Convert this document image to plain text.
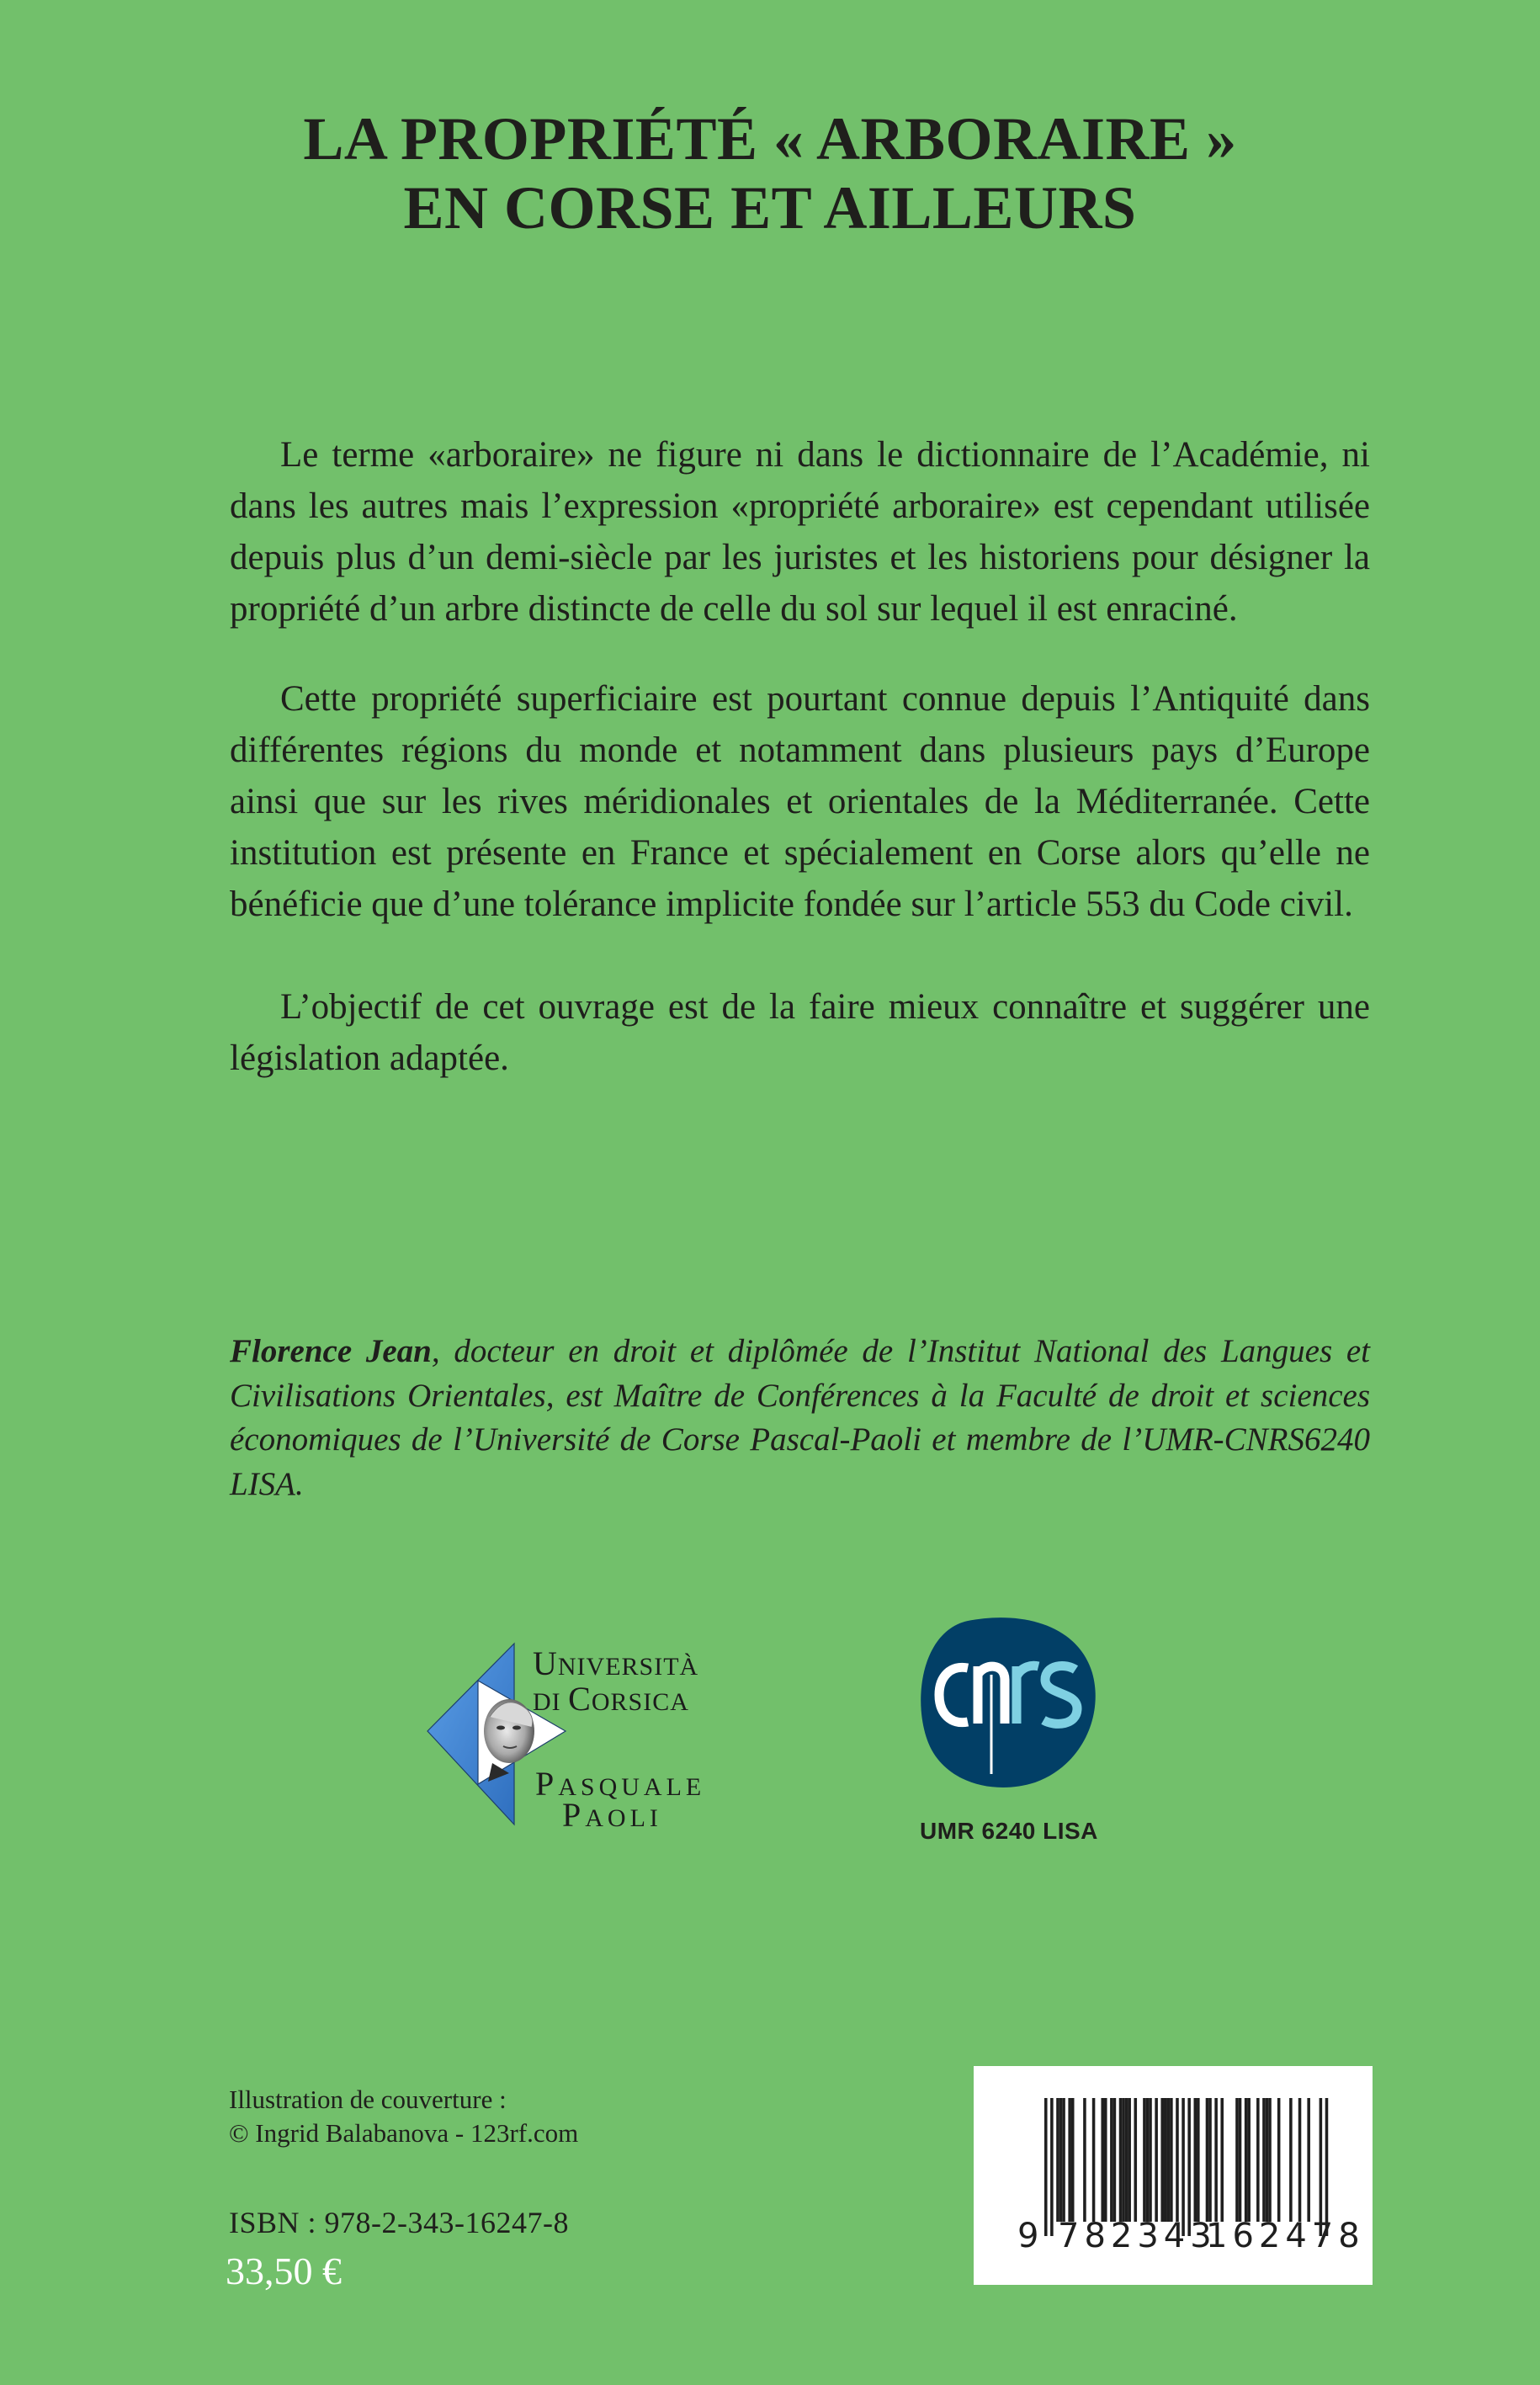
LA PROPRIÉTÉ « ARBORAIRE »
EN CORSE ET AILLEURS

Le terme «arboraire» ne figure ni dans le dictionnaire de l’Académie, ni dans les autres mais l’expression «propriété arboraire» est cependant utilisée depuis plus d’un demi-siècle par les juristes et les historiens pour désigner la propriété d’un arbre distincte de celle du sol sur lequel il est enraciné.

Cette propriété superficiaire est pourtant connue depuis l’Antiquité dans différentes régions du monde et notamment dans plusieurs pays d’Europe ainsi que sur les rives méridionales et orientales de la Méditerranée. Cette institution est présente en France et spécialement en Corse alors qu’elle ne bénéficie que d’une tolérance implicite fondée sur l’article 553 du Code civil.

L’objectif de cet ouvrage est de la faire mieux connaître et suggérer une législation adaptée.

Florence Jean, docteur en droit et diplômée de l’Institut National des Langues et Civilisations Orientales, est Maître de Conférences à la Faculté de droit et sciences économiques de l’Université de Corse Pascal-Paoli et membre de l’UMR-CNRS6240 LISA.

UNIVERSITÀ
DI CORSICA
PASQUALE
PAOLI	UMR 6240 LISA
Illustration de couverture :
© Ingrid Balabanova - 123rf.com
ISBN : 978-2-343-16247-8
33,50 €
9 782343
162478
